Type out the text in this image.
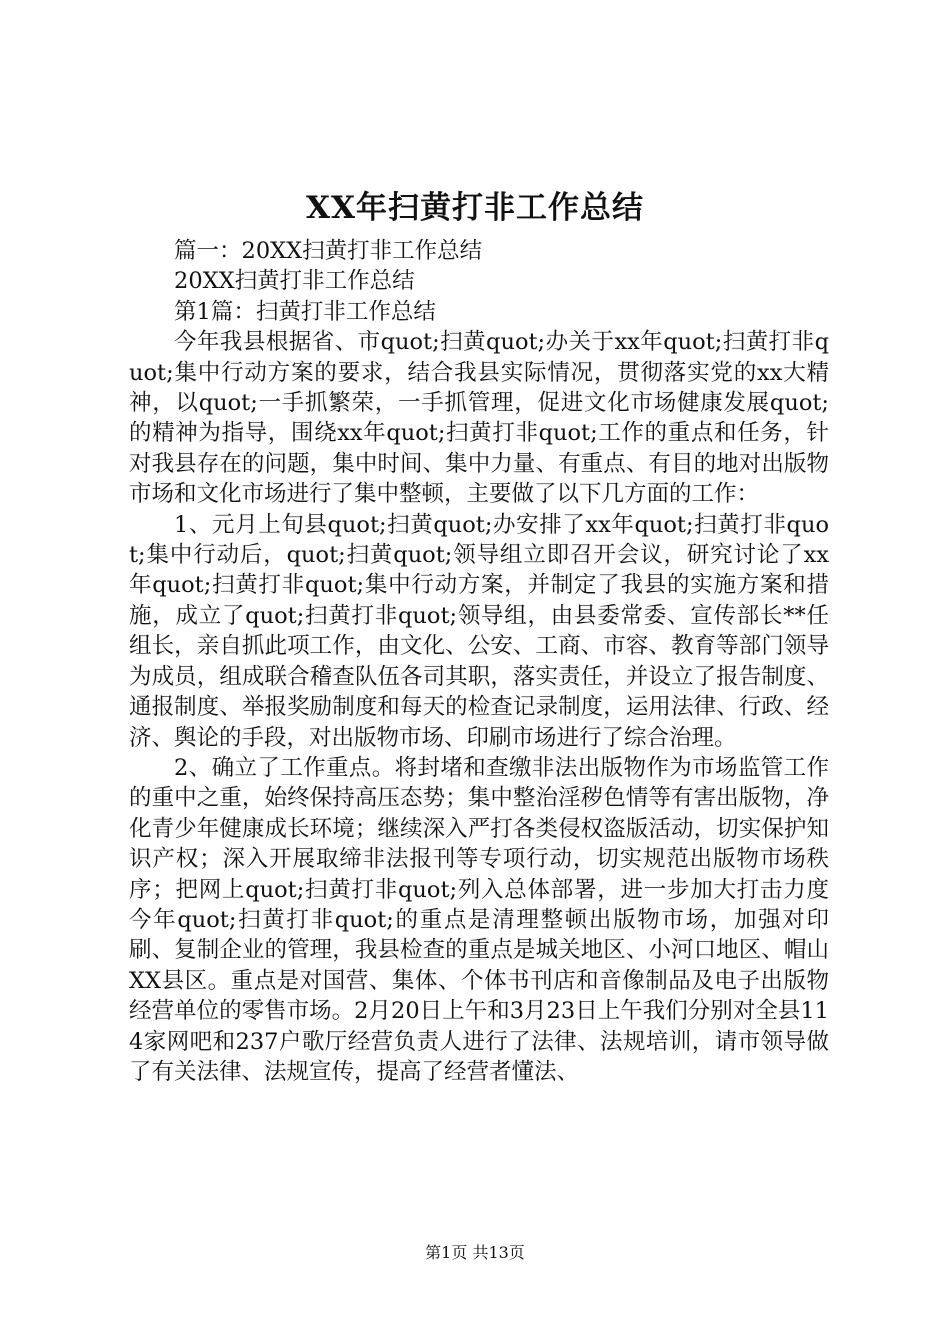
XX年扫黄打非工作总结

篇一：20XX扫黄打非工作总结

20XX扫黄打非工作总结

第1篇：扫黄打非工作总结

今年我县根据省、市quot;扫黄quot;办关于xx年quot;扫黄打非quot;集中行动方案的要求，结合我县实际情况，贯彻落实党的xx大精神，以quot;一手抓繁荣，一手抓管理，促进文化市场健康发展quot;的精神为指导，围绕xx年quot;扫黄打非quot;工作的重点和任务，针对我县存在的问题，集中时间、集中力量、有重点、有目的地对出版物市场和文化市场进行了集中整顿，主要做了以下几方面的工作：

1、元月上旬县quot;扫黄quot;办安排了xx年quot;扫黄打非quot;集中行动后，quot;扫黄quot;领导组立即召开会议，研究讨论了xx年quot;扫黄打非quot;集中行动方案，并制定了我县的实施方案和措施，成立了quot;扫黄打非quot;领导组，由县委常委、宣传部长**任组长，亲自抓此项工作，由文化、公安、工商、市容、教育等部门领导为成员，组成联合稽查队伍各司其职，落实责任，并设立了报告制度、通报制度、举报奖励制度和每天的检查记录制度，运用法律、行政、经济、舆论的手段，对出版物市场、印刷市场进行了综合治理。

2、确立了工作重点。将封堵和查缴非法出版物作为市场监管工作的重中之重，始终保持高压态势；集中整治淫秽色情等有害出版物，净化青少年健康成长环境；继续深入严打各类侵权盗版活动，切实保护知识产权；深入开展取缔非法报刊等专项行动，切实规范出版物市场秩序；把网上quot;扫黄打非quot;列入总体部署，进一步加大打击力度今年quot;扫黄打非quot;的重点是清理整顿出版物市场，加强对印刷、复制企业的管理，我县检查的重点是城关地区、小河口地区、帽山XX县区。重点是对国营、集体、个体书刊店和音像制品及电子出版物经营单位的零售市场。2月20日上午和3月23日上午我们分别对全县114家网吧和237户歌厅经营负责人进行了法律、法规培训，请市领导做了有关法律、法规宣传，提高了经营者懂法、

第1页 共13页
